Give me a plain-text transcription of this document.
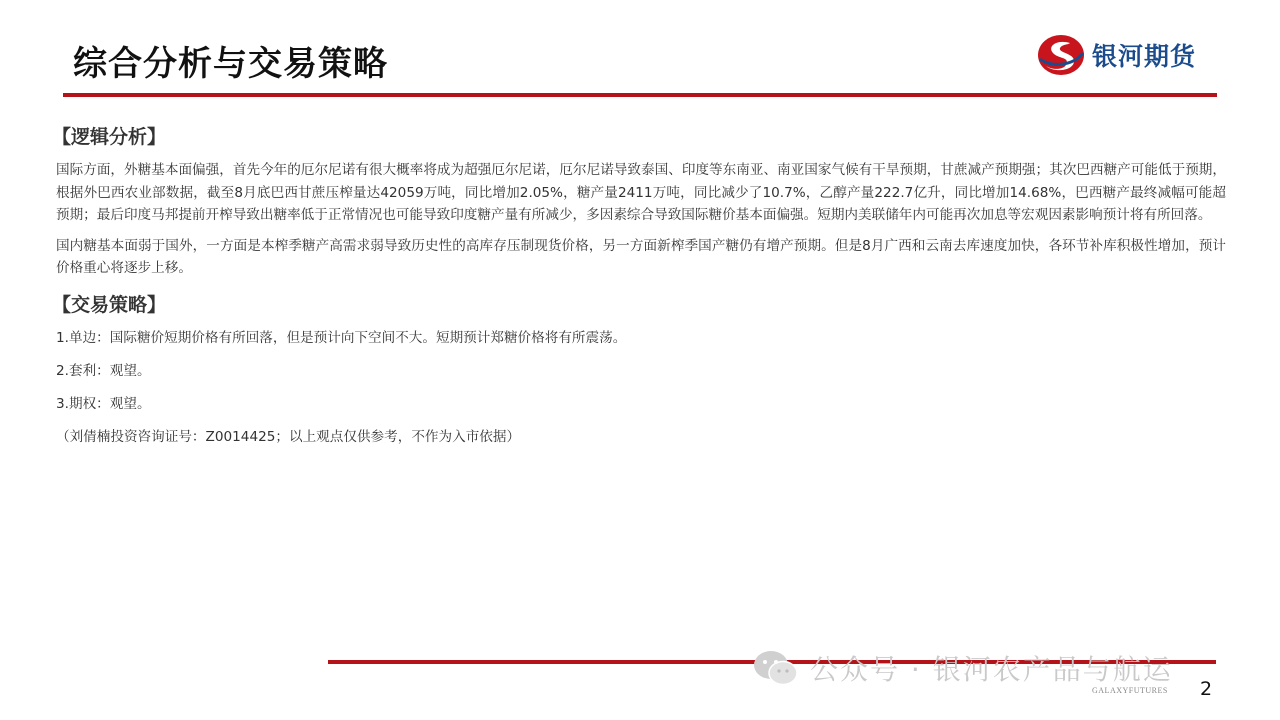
综合分析与交易策略	银河期货
【逻辑分析】

国际方面，外糖基本面偏强，首先今年的厄尔尼诺有很大概率将成为超强厄尔尼诺，厄尔尼诺导致泰国、印度等东南亚、南亚国家气候有干旱预期，甘蔗减产预期强；其次巴西糖产可能低于预期，根据外巴西农业部数据，截至8月底巴西甘蔗压榨量达42059万吨，同比增加2.05%，糖产量2411万吨，同比减少了10.7%，乙醇产量222.7亿升，同比增加14.68%，巴西糖产最终减幅可能超预期；最后印度马邦提前开榨导致出糖率低于正常情况也可能导致印度糖产量有所减少，多因素综合导致国际糖价基本面偏强。短期内美联储年内可能再次加息等宏观因素影响预计将有所回落。

国内糖基本面弱于国外，一方面是本榨季糖产高需求弱导致历史性的高库存压制现货价格，另一方面新榨季国产糖仍有增产预期。但是8月广西和云南去库速度加快，各环节补库积极性增加，预计价格重心将逐步上移。

【交易策略】
1.单边：国际糖价短期价格有所回落，但是预计向下空间不大。短期预计郑糖价格将有所震荡。
2.套利：观望。
3.期权：观望。
（刘倩楠投资咨询证号：Z0014425；以上观点仅供参考，不作为入市依据）
公众号 · 银河农产品与航运
GALAXYFUTURES 2
